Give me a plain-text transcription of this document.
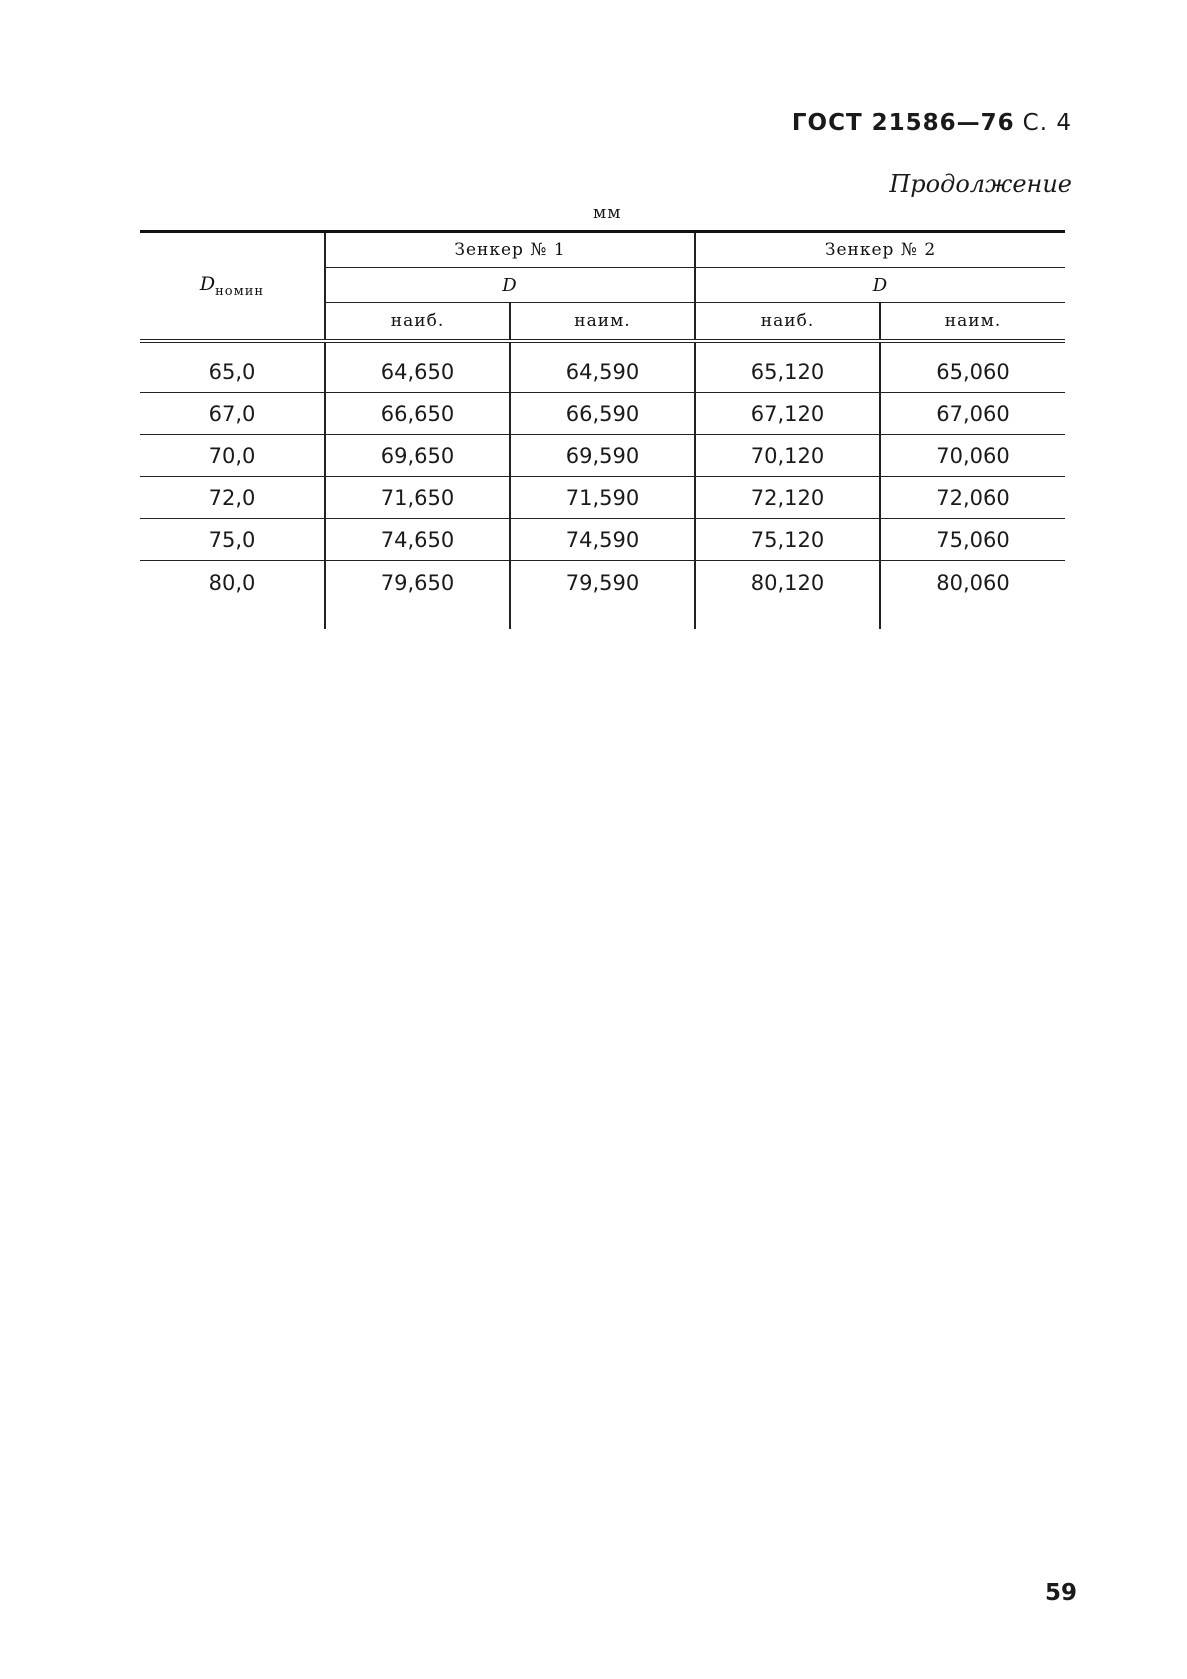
ГОСТ 21586—76 С. 4
Продолжение
мм
$D_{номин}$	Зенкер № 1		Зенкер № 2	
	D		D	
	наиб.	наим.	наиб.	наим.
65,0	64,650	64,590	65,120	65,060
67,0	66,650	66,590	67,120	67,060
70,0	69,650	69,590	70,120	70,060
72,0	71,650	71,590	72,120	72,060
75,0	74,650	74,590	75,120	75,060
80,0	79,650	79,590	80,120	80,060
59
